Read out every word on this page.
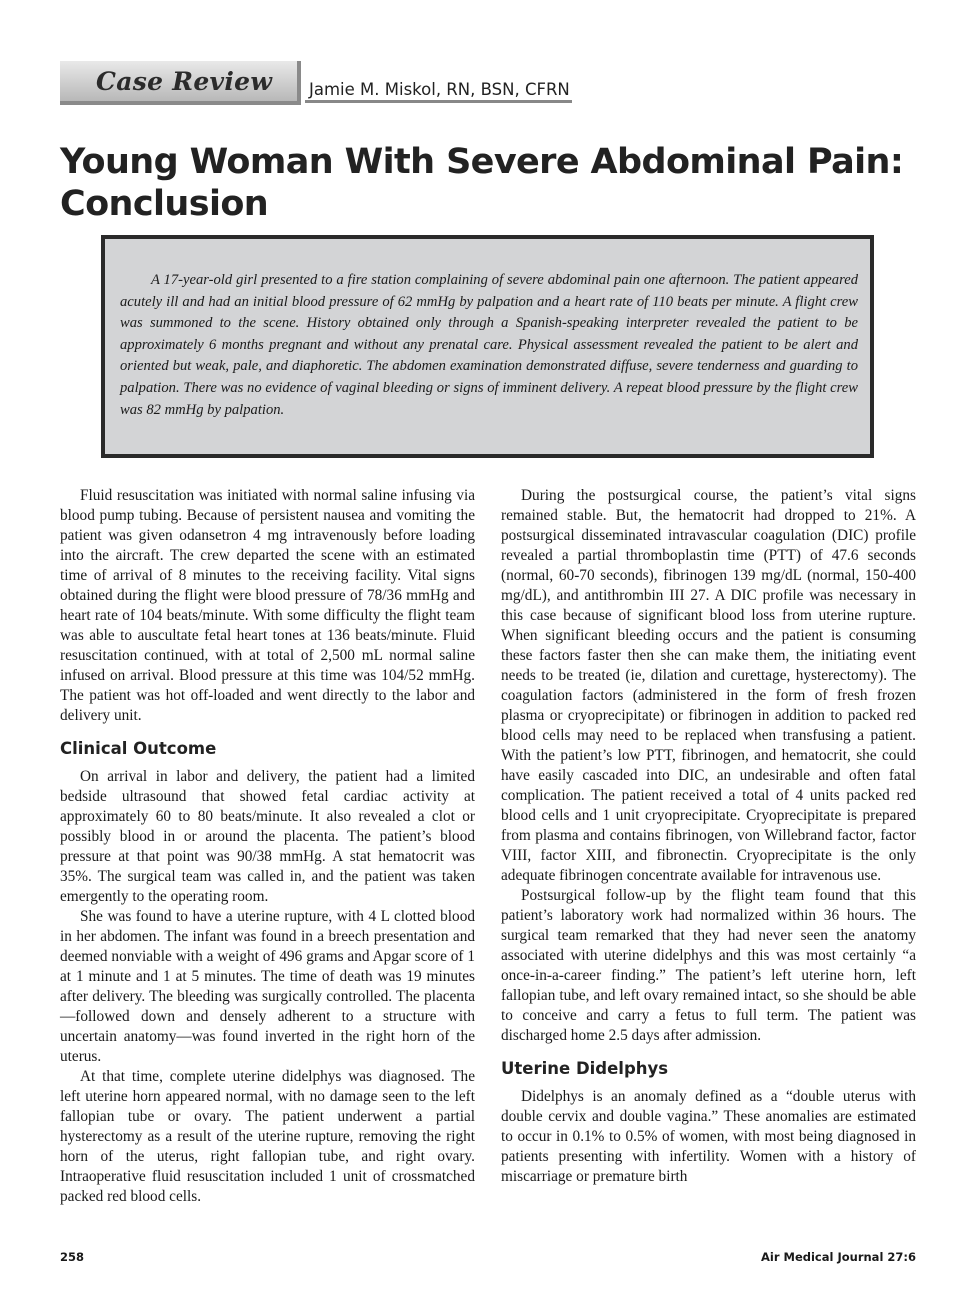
Case Review Jamie M. Miskol, RN, BSN, CFRN
Young Woman With Severe Abdominal Pain: Conclusion

A 17-year-old girl presented to a fire station complaining of severe abdominal pain one afternoon. The patient appeared acutely ill and had an initial blood pressure of 62 mmHg by palpation and a heart rate of 110 beats per minute. A flight crew was summoned to the scene. History obtained only through a Spanish-speaking interpreter revealed the patient to be approximately 6 months pregnant and without any prenatal care. Physical assessment revealed the patient to be alert and oriented but weak, pale, and diaphoretic. The abdomen examination demonstrated diffuse, severe tenderness and guarding to palpation. There was no evidence of vaginal bleeding or signs of imminent delivery. A repeat blood pressure by the flight crew was 82 mmHg by palpation.

Fluid resuscitation was initiated with normal saline infusing via blood pump tubing. Because of persistent nausea and vomiting the patient was given odansetron 4 mg intravenously before loading into the aircraft. The crew departed the scene with an estimated time of arrival of 8 minutes to the receiving facility. Vital signs obtained during the flight were blood pressure of 78/36 mmHg and heart rate of 104 beats/minute. With some difficulty the flight team was able to auscultate fetal heart tones at 136 beats/minute. Fluid resuscitation continued, with at total of 2,500 mL normal saline infused on arrival. Blood pressure at this time was 104/52 mmHg. The patient was hot off-loaded and went directly to the labor and delivery unit.

Clinical Outcome

On arrival in labor and delivery, the patient had a limited bedside ultrasound that showed fetal cardiac activity at approximately 60 to 80 beats/minute. It also revealed a clot or possibly blood in or around the placenta. The patient’s blood pressure at that point was 90/38 mmHg. A stat hematocrit was 35%. The surgical team was called in, and the patient was taken emergently to the operating room.

She was found to have a uterine rupture, with 4 L clotted blood in her abdomen. The infant was found in a breech presentation and deemed nonviable with a weight of 496 grams and Apgar score of 1 at 1 minute and 1 at 5 minutes. The time of death was 19 minutes after delivery. The bleeding was surgically controlled. The placenta—followed down and densely adherent to a structure with uncertain anatomy—was found inverted in the right horn of the uterus.

At that time, complete uterine didelphys was diagnosed. The left uterine horn appeared normal, with no damage seen to the left fallopian tube or ovary. The patient underwent a partial hysterectomy as a result of the uterine rupture, removing the right horn of the uterus, right fallopian tube, and right ovary. Intraoperative fluid resuscitation included 1 unit of crossmatched packed red blood cells.

During the postsurgical course, the patient’s vital signs remained stable. But, the hematocrit had dropped to 21%. A postsurgical disseminated intravascular coagulation (DIC) profile revealed a partial thromboplastin time (PTT) of 47.6 seconds (normal, 60-70 seconds), fibrinogen 139 mg/dL (normal, 150-400 mg/dL), and antithrombin III 27. A DIC profile was necessary in this case because of significant blood loss from uterine rupture. When significant bleeding occurs and the patient is consuming these factors faster then she can make them, the initiating event needs to be treated (ie, dilation and curettage, hysterectomy). The coagulation factors (administered in the form of fresh frozen plasma or cryoprecipitate) or fibrinogen in addition to packed red blood cells may need to be replaced when transfusing a patient. With the patient’s low PTT, fibrinogen, and hematocrit, she could have easily cascaded into DIC, an undesirable and often fatal complication. The patient received a total of 4 units packed red blood cells and 1 unit cryoprecipitate. Cryoprecipitate is prepared from plasma and contains fibrinogen, von Willebrand factor, factor VIII, factor XIII, and fibronectin. Cryoprecipitate is the only adequate fibrinogen concentrate available for intravenous use.

Postsurgical follow-up by the flight team found that this patient’s laboratory work had normalized within 36 hours. The surgical team remarked that they had never seen the anatomy associated with uterine didelphys and this was most certainly “a once-in-a-career finding.” The patient’s left uterine horn, left fallopian tube, and left ovary remained intact, so she should be able to conceive and carry a fetus to full term. The patient was discharged home 2.5 days after admission.

Uterine Didelphys

Didelphys is an anomaly defined as a “double uterus with double cervix and double vagina.” These anomalies are estimated to occur in 0.1% to 0.5% of women, with most being diagnosed in patients presenting with infertility. Women with a history of miscarriage or premature birth

258	Air Medical Journal 27:6
